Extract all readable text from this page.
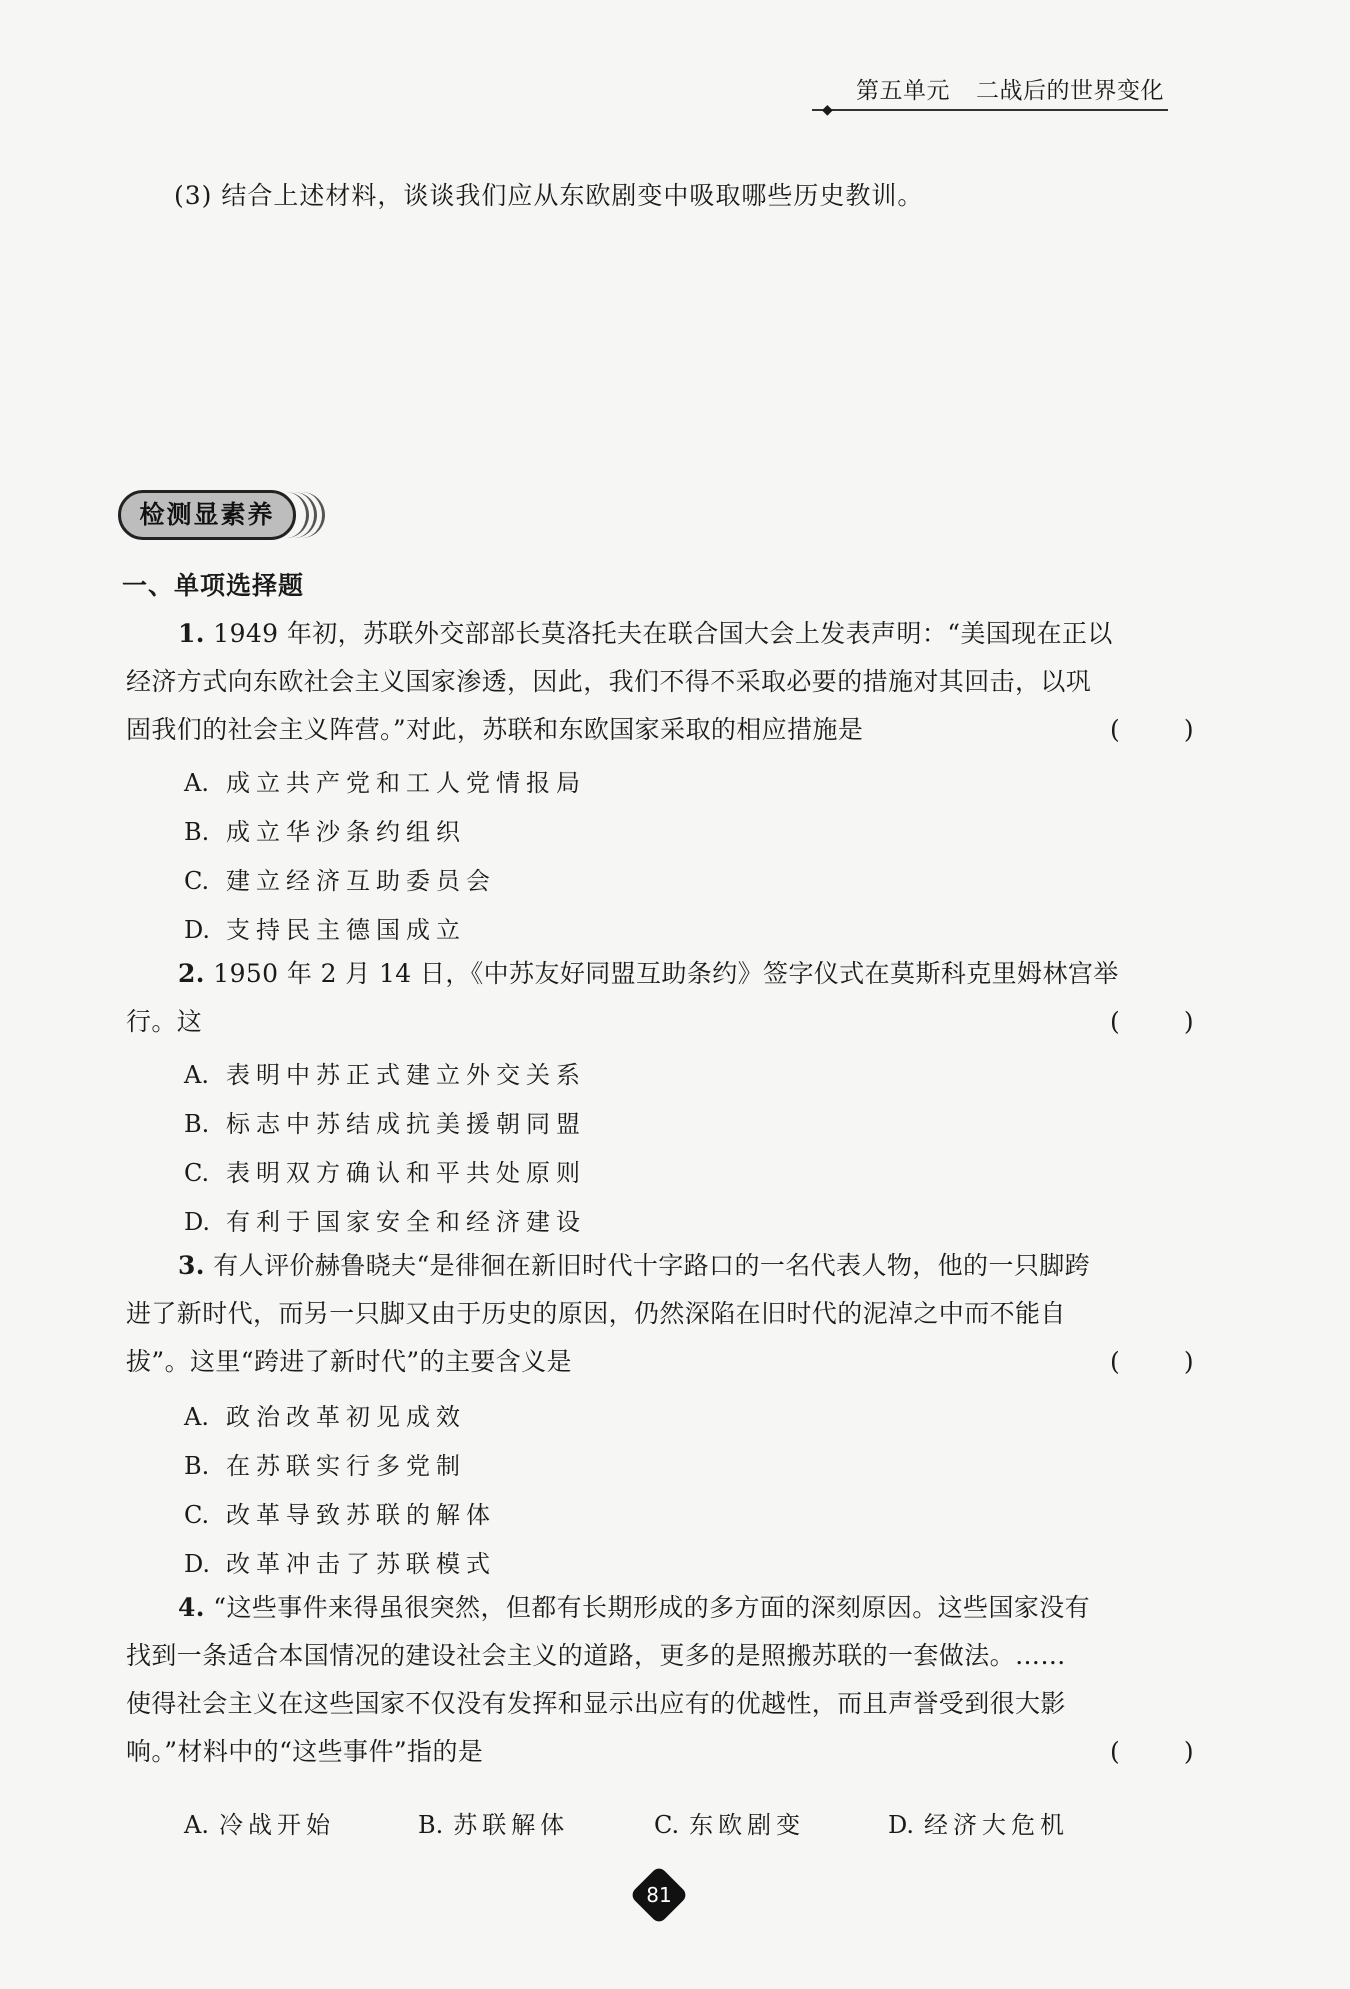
◆
第五单元 二战后的世界变化
(3) 结合上述材料，谈谈我们应从东欧剧变中吸取哪些历史教训。
检测显素养
一、单项选择题
1. 1949 年初，苏联外交部部长莫洛托夫在联合国大会上发表声明：“美国现在正以
经济方式向东欧社会主义国家渗透，因此，我们不得不采取必要的措施对其回击，以巩
固我们的社会主义阵营。”对此，苏联和东欧国家采取的相应措施是	(	)
A. 成立共产党和工人党情报局
B. 成立华沙条约组织
C. 建立经济互助委员会
D. 支持民主德国成立
2. 1950 年 2 月 14 日，《中苏友好同盟互助条约》签字仪式在莫斯科克里姆林宫举
行。这	(	)
A. 表明中苏正式建立外交关系
B. 标志中苏结成抗美援朝同盟
C. 表明双方确认和平共处原则
D. 有利于国家安全和经济建设
3. 有人评价赫鲁晓夫“是徘徊在新旧时代十字路口的一名代表人物，他的一只脚跨
进了新时代，而另一只脚又由于历史的原因，仍然深陷在旧时代的泥淖之中而不能自
拔”。这里“跨进了新时代”的主要含义是	(	)
A. 政治改革初见成效
B. 在苏联实行多党制
C. 改革导致苏联的解体
D. 改革冲击了苏联模式
4. “这些事件来得虽很突然，但都有长期形成的多方面的深刻原因。这些国家没有
找到一条适合本国情况的建设社会主义的道路，更多的是照搬苏联的一套做法。……
使得社会主义在这些国家不仅没有发挥和显示出应有的优越性，而且声誉受到很大影
响。”材料中的“这些事件”指的是	(	)
A. 冷战开始	B. 苏联解体	C. 东欧剧变	D. 经济大危机
81
